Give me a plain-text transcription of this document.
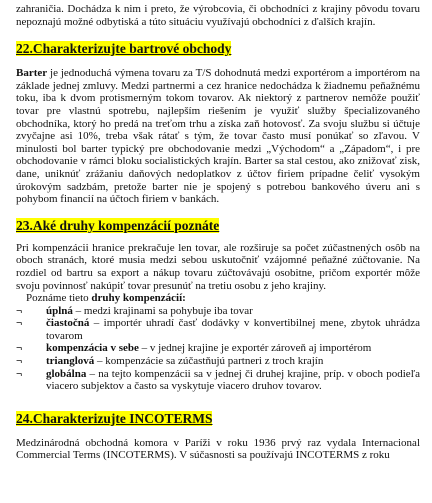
zahraničia. Dochádza k nim i preto, že výrobcovia, či obchodníci z krajiny pôvodu tovaru nepoznajú možné odbytiská a túto situáciu využívajú obchodníci z ďalších krajín.

22.Charakterizujte bartrové obchody

Barter je jednoduchá výmena tovaru za T/S dohodnutá medzi exportérom a importérom na základe jednej zmluvy. Medzi partnermi a cez hranice nedochádza k žiadnemu peňažnému toku, iba k dvom protismerným tokom tovarov. Ak niektorý z partnerov nemôže použiť tovar pre vlastnú spotrebu, najlepším riešením je využiť služby špecializovaného obchodníka, ktorý ho predá na treťom trhu a získa zaň hotovosť. Za svoju službu si účtuje zvyčajne asi 10%, treba však rátať s tým, že tovar často musí ponúkať so zľavou. V minulosti bol barter typický pre obchodovanie medzi „Východom“ a „Západom“, i pre obchodovanie v rámci bloku socialistických krajín. Barter sa stal cestou, ako znižovať zisk, dane, uniknúť zrážaniu daňových nedoplatkov z účtov firiem prípadne čeliť vysokým úrokovým sadzbám, pretože barter nie je spojený s potrebou bankového úveru ani s pohybom financií na účtoch firiem v bankách.

23.Aké druhy kompenzácií poznáte

Pri kompenzácii hranice prekračuje len tovar, ale rozširuje sa počet zúčastnených osôb na oboch stranách, ktoré musia medzi sebou uskutočniť vzájomné peňažné zúčtovanie. Na rozdiel od bartru sa export a nákup tovaru zúčtovávajú osobitne, pričom exportér môže svoju povinnosť nakúpiť tovar presunúť na tretiu osobu z jeho krajiny.

Poznáme tieto druhy kompenzácií:

¬ úplná – medzi krajinami sa pohybuje iba tovar
¬ čiastočná – importér uhradí časť dodávky v konvertibilnej mene, zbytok uhrádza tovarom
¬ kompenzácia v sebe – v jednej krajine je exportér zároveň aj importérom
¬ trianglová – kompenzácie sa zúčastňujú partneri z troch krajín
¬ globálna – na tejto kompenzácii sa v jednej či druhej krajine, príp. v oboch podieľa viacero subjektov a často sa vyskytuje viacero druhov tovarov.
24.Charakterizujte INCOTERMS

Medzinárodná obchodná komora v Paríži v roku 1936 prvý raz vydala Internacional Commercial Terms (INCOTERMS). V súčasnosti sa používajú INCOTERMS z roku
